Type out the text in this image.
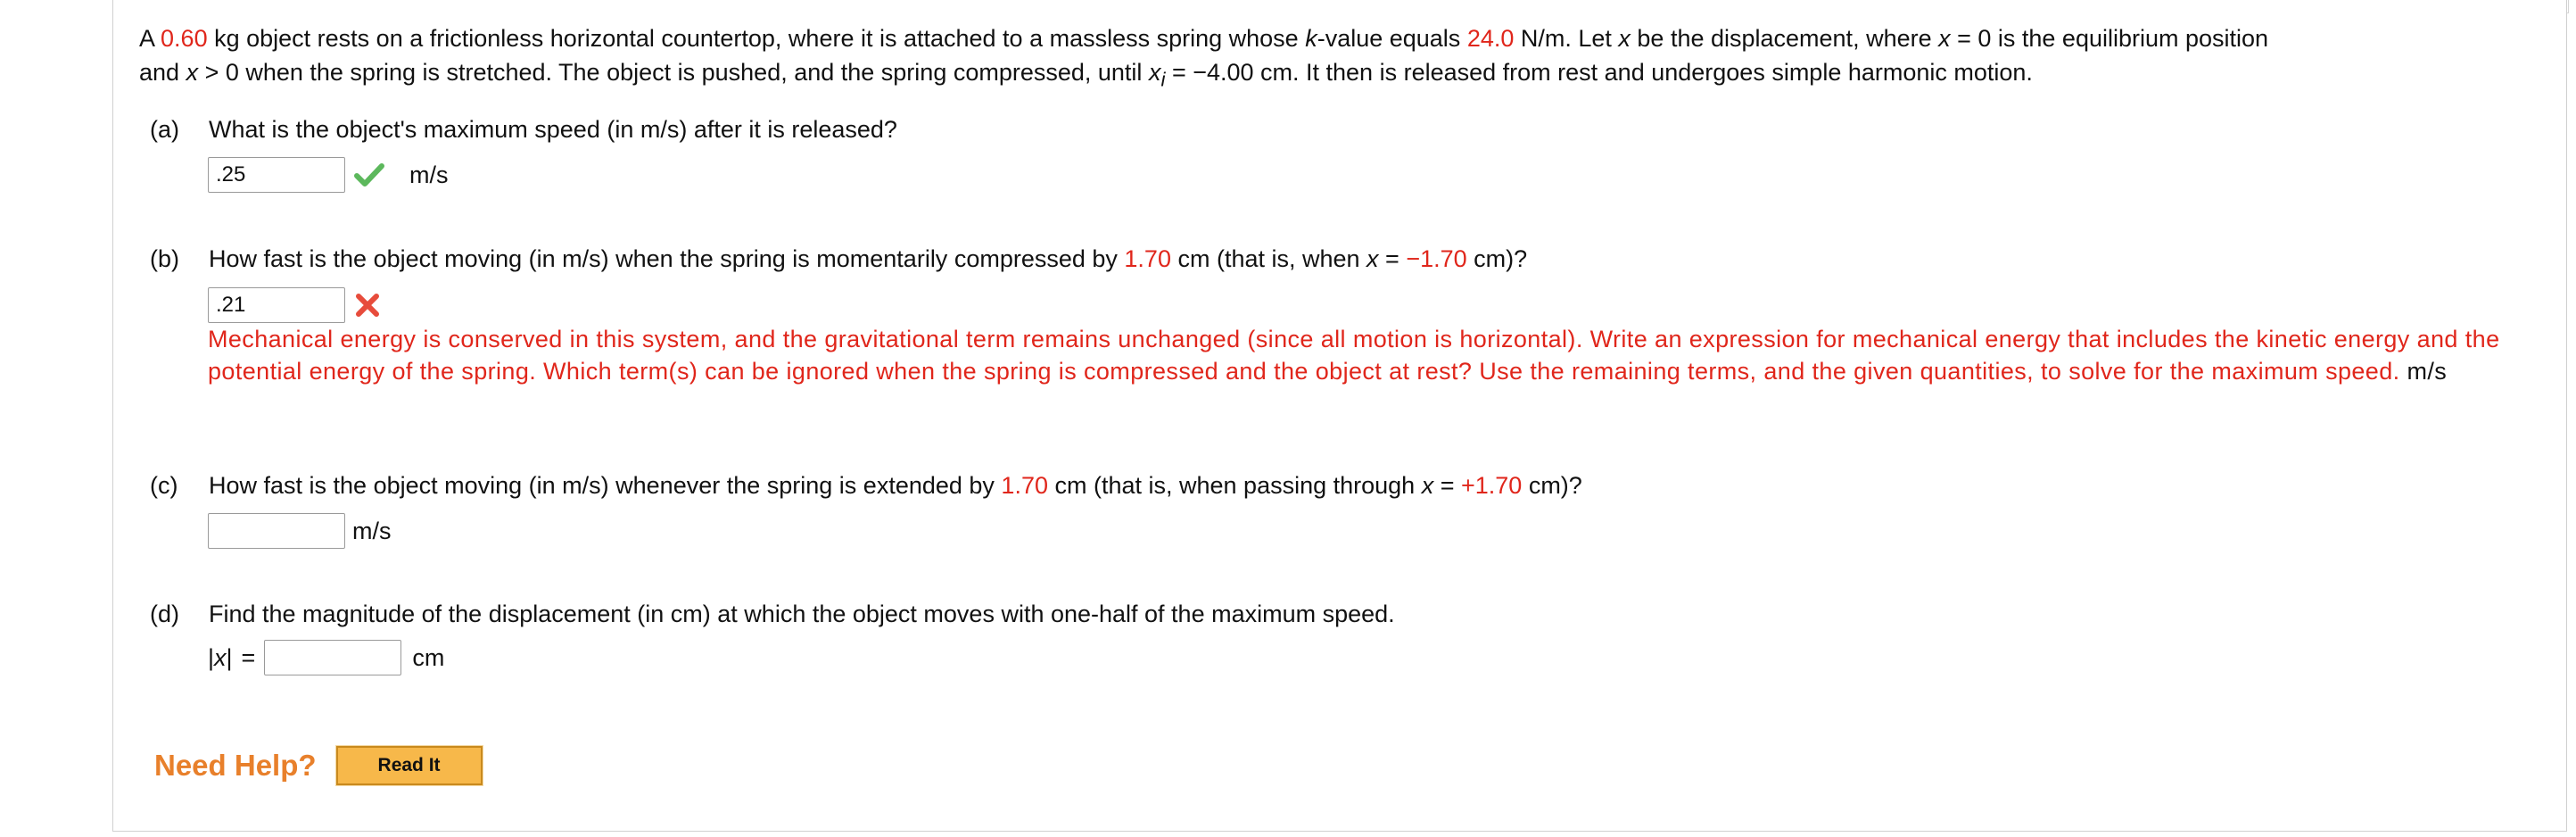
A 0.60 kg object rests on a frictionless horizontal countertop, where it is attached to a massless spring whose k-value equals 24.0 N/m. Let x be the displacement, where x = 0 is the equilibrium position
and x > 0 when the spring is stretched. The object is pushed, and the spring compressed, until $x_i = -4.00$ cm. It then is released from rest and undergoes simple harmonic motion.
(a) What is the object's maximum speed (in m/s) after it is released?
.25	m/s
(b) How fast is the object moving (in m/s) when the spring is momentarily compressed by 1.70 cm (that is, when x = −1.70 cm)?
.21
Mechanical energy is conserved in this system, and the gravitational term remains unchanged (since all motion is horizontal). Write an expression for mechanical energy that includes the kinetic energy and the potential energy of the spring. Which term(s) can be ignored when the spring is compressed and the object at rest? Use the remaining terms, and the given quantities, to solve for the maximum speed. m/s
(c) How fast is the object moving (in m/s) whenever the spring is extended by 1.70 cm (that is, when passing through x = +1.70 cm)?
m/s
(d) Find the magnitude of the displacement (in cm) at which the object moves with one-half of the maximum speed.
| x | =	cm
Need Help?	Read It
